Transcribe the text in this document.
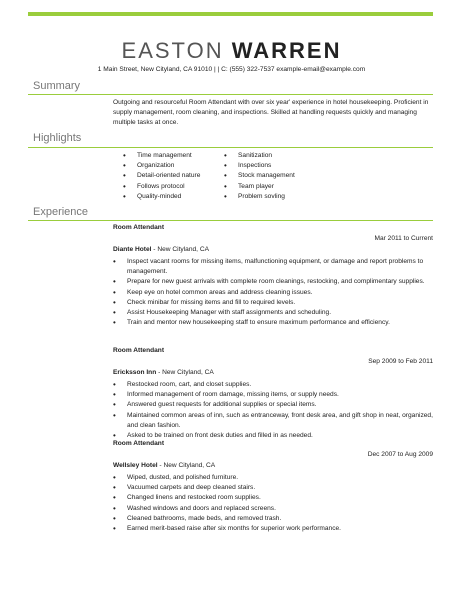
EASTON WARREN
1 Main Street, New Cityland, CA 91010 | | C: (555) 322-7537 example-email@example.com
Summary
Outgoing and resourceful Room Attendant with over six year' experience in hotel housekeeping. Proficient in supply management, room cleaning, and inspections. Skilled at handling requests quickly and managing multiple tasks at once.
Highlights
• Time management
• Organization
• Detail-oriented nature
• Follows protocol
• Quality-minded
• Sanitization
• Inspections
• Stock management
• Team player
• Problem sovling
Experience
Room Attendant
Mar 2011 to Current
Diante Hotel - New Cityland, CA
• Inspect vacant rooms for missing items, malfunctioning equipment, or damage and report problems to management.
• Prepare for new guest arrivals with complete room cleanings, restocking, and complimentary supplies.
• Keep eye on hotel common areas and address cleaning issues.
• Check minibar for missing items and fill to required levels.
• Assist Housekeeping Manager with staff assignments and scheduling.
• Train and mentor new housekeeping staff to ensure maximum performance and efficiency.
Room Attendant
Sep 2009 to Feb 2011
Ericksson Inn - New Cityland, CA
• Restocked room, cart, and closet supplies.
• Informed management of room damage, missing items, or supply needs.
• Answered guest requests for additional supplies or special items.
• Maintained common areas of inn, such as entranceway, front desk area, and gift shop in neat, organized, and clean fashion.
• Asked to be trained on front desk duties and filled in as needed.
Room Attendant
Dec 2007 to Aug 2009
Wellsley Hotel - New Cityland, CA
• Wiped, dusted, and polished furniture.
• Vacuumed carpets and deep cleaned stairs.
• Changed linens and restocked room supplies.
• Washed windows and doors and replaced screens.
• Cleaned bathrooms, made beds, and removed trash.
• Earned merit-based raise after six months for superior work performance.
